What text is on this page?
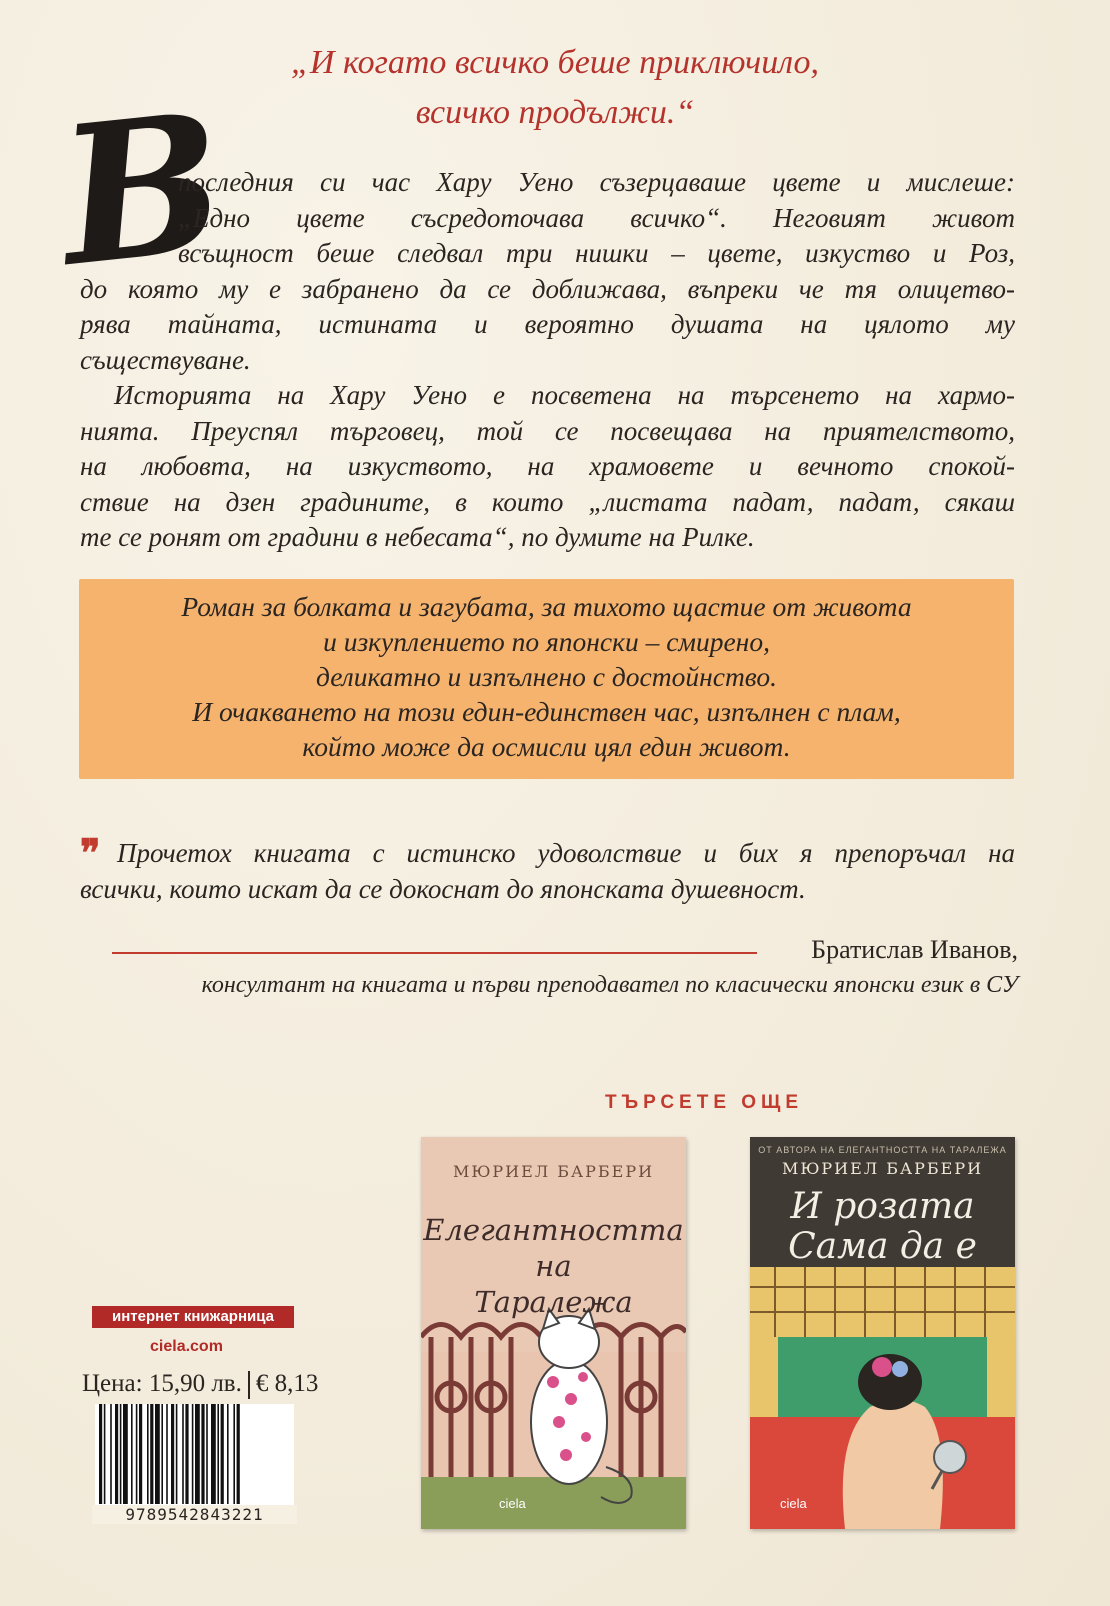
„И когато всичко беше приключило,
всичко продължи.“
В

последния си час Хару Уено съзерцаваше цвете и мислеше:
„Едно цвете съсредоточава всичко“. Неговият живот
всъщност беше следвал три нишки – цвете, изкуство и Роз,
до която му е забранено да се доближава, въпреки че тя олицетво-
рява тайната, истината и вероятно душата на цялото му
съществуване.

Историята на Хару Уено е посветена на търсенето на хармо-
нията. Преуспял търговец, той се посвещава на приятелството,
на любовта, на изкуството, на храмовете и вечното спокой-
ствие на дзен градините, в които „листата падат, падат, сякаш
те се ронят от градини в небесата“, по думите на Рилке.

Роман за болката и загубата, за тихото щастие от живота
и изкуплението по японски – смирено,
деликатно и изпълнено с достойнство.
И очакването на този един-единствен час, изпълнен с плам,
който може да осмисли цял един живот.
❞ Прочетох книгата с истинско удоволствие и бих я препоръчал на
всички, които искат да се докоснат до японската душевност.
Братислав Иванов,
консултант на книгата и първи преподавател по класически японски език в СУ
ТЪРСЕТЕ ОЩЕ
МЮРИЕЛ БАРБЕРИ
Елегантността
на
Таралежа
ciela
ОТ АВТОРА НА ЕЛЕГАНТНОСТТА НА ТАРАЛЕЖА
МЮРИЕЛ БАРБЕРИ
И розата
Сама да е
ciela
интернет книжарница
ciela.com
Цена: 15,90 лв. € 8,13
9789542843221
